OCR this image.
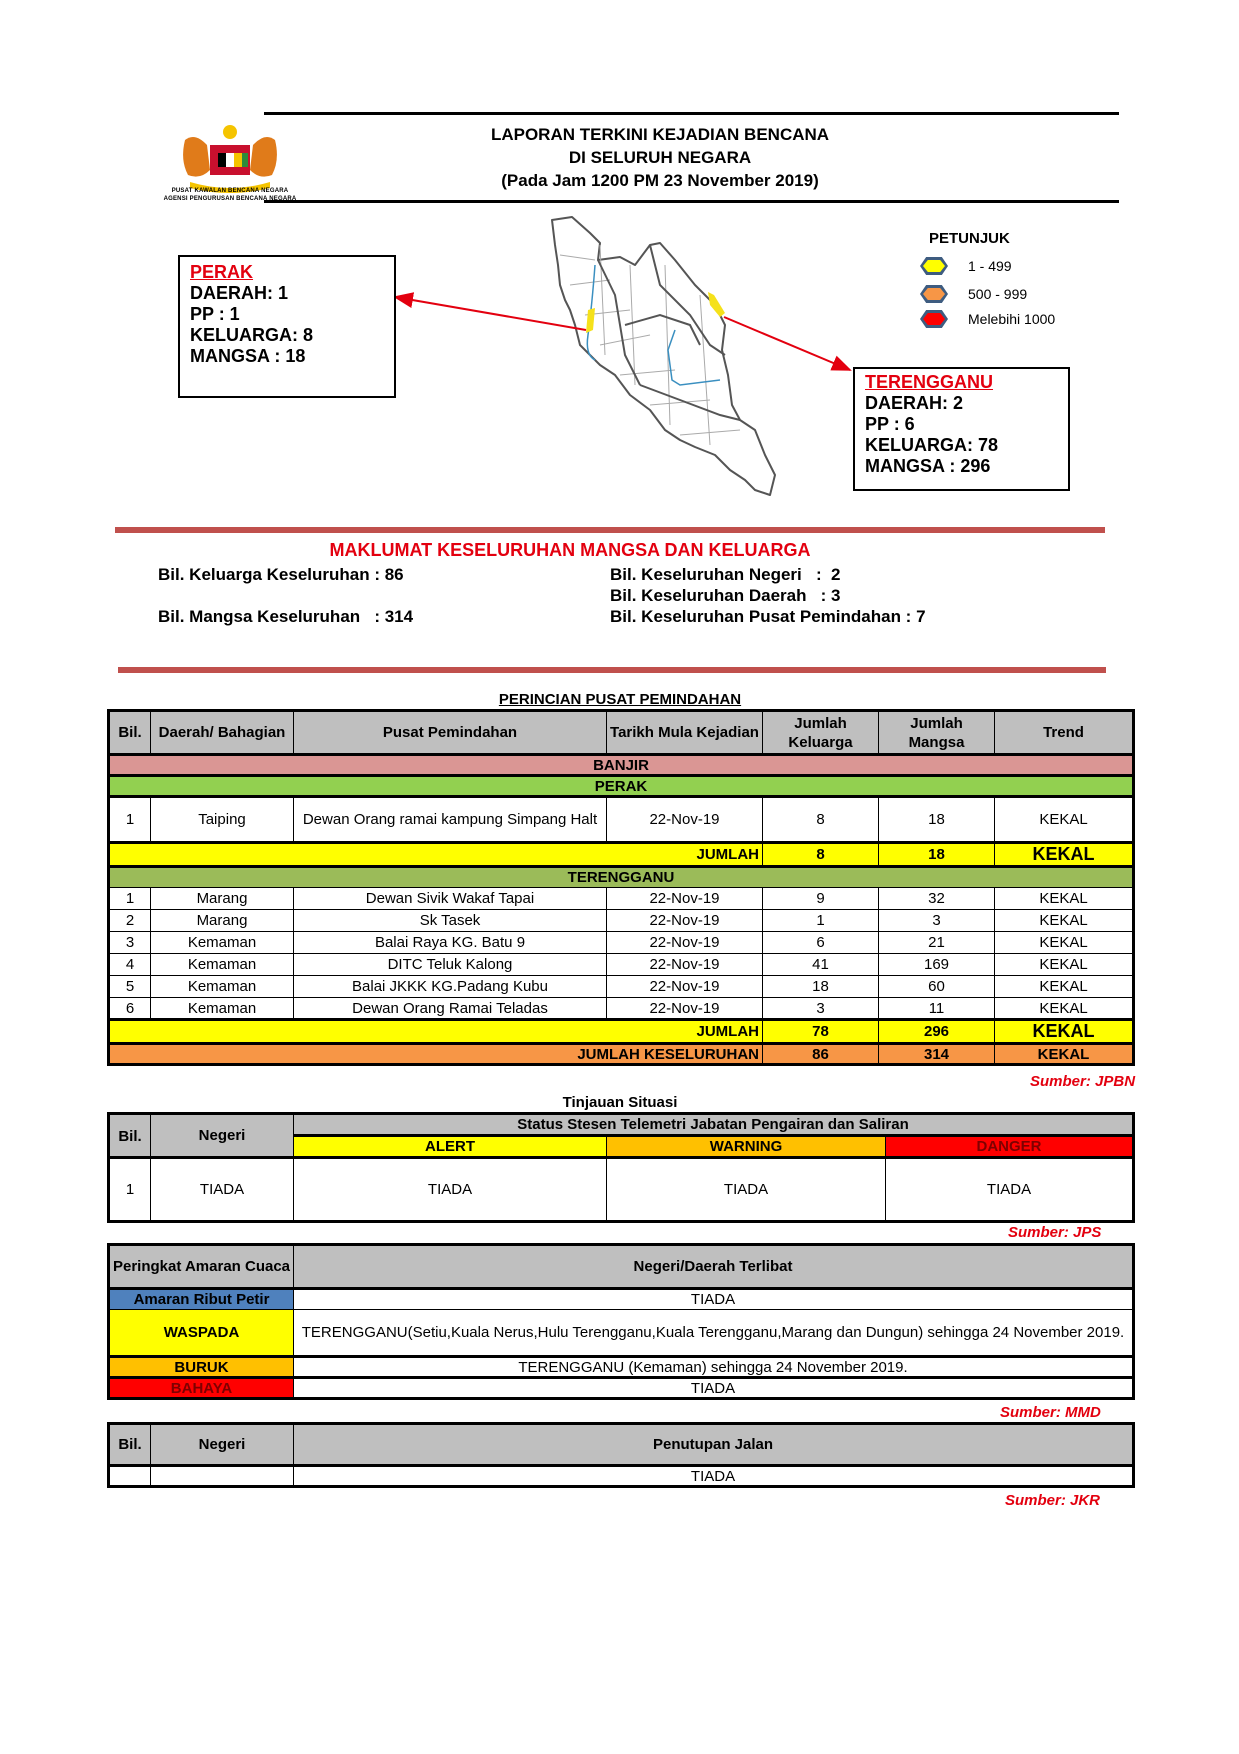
PUSAT KAWALAN BENCANA NEGARA
AGENSI PENGURUSAN BENCANA NEGARA
LAPORAN TERKINI KEJADIAN BENCANA
DI SELURUH NEGARA
(Pada Jam 1200 PM 23 November 2019)
PERAK
DAERAH: 1
PP : 1
KELUARGA: 8
MANGSA : 18
TERENGGANU
DAERAH: 2
PP : 6
KELUARGA: 78
MANGSA : 296
PETUNJUK
1 - 499
500 - 999
Melebihi 1000
MAKLUMAT KESELURUHAN MANGSA DAN KELUARGA
Bil. Keluarga Keseluruhan : 86
Bil. Mangsa Keseluruhan   : 314
Bil. Keseluruhan Negeri   :  2
Bil. Keseluruhan Daerah   : 3
Bil. Keseluruhan Pusat Pemindahan : 7
PERINCIAN PUSAT PEMINDAHAN
Bil.	Daerah/ Bahagian	Pusat Pemindahan	Tarikh Mula Kejadian	Jumlah Keluarga	Jumlah Mangsa	Trend
BANJIR						
PERAK						
1	Taiping	Dewan Orang ramai kampung Simpang Halt	22-Nov-19	8	18	KEKAL
JUMLAH				8	18	KEKAL
TERENGGANU						
1	Marang	Dewan Sivik Wakaf Tapai	22-Nov-19	9	32	KEKAL
2	Marang	Sk Tasek	22-Nov-19	1	3	KEKAL
3	Kemaman	Balai Raya KG. Batu 9	22-Nov-19	6	21	KEKAL
4	Kemaman	DITC Teluk Kalong	22-Nov-19	41	169	KEKAL
5	Kemaman	Balai JKKK KG.Padang Kubu	22-Nov-19	18	60	KEKAL
6	Kemaman	Dewan Orang Ramai Teladas	22-Nov-19	3	11	KEKAL
JUMLAH				78	296	KEKAL
JUMLAH KESELURUHAN				86	314	KEKAL
Sumber: JPBN
Tinjauan Situasi
Bil.	Negeri	Status Stesen Telemetri Jabatan Pengairan dan Saliran		
		ALERT	WARNING	DANGER
1	TIADA	TIADA	TIADA	TIADA
Sumber: JPS
Peringkat Amaran Cuaca	Negeri/Daerah Terlibat
Amaran Ribut Petir	TIADA
WASPADA	TERENGGANU(Setiu,Kuala Nerus,Hulu Terengganu,Kuala Terengganu,Marang dan Dungun) sehingga 24 November 2019.
BURUK	TERENGGANU (Kemaman) sehingga 24 November 2019.
BAHAYA	TIADA
Sumber: MMD
Bil.	Negeri	Penutupan Jalan
		TIADA
Sumber: JKR
